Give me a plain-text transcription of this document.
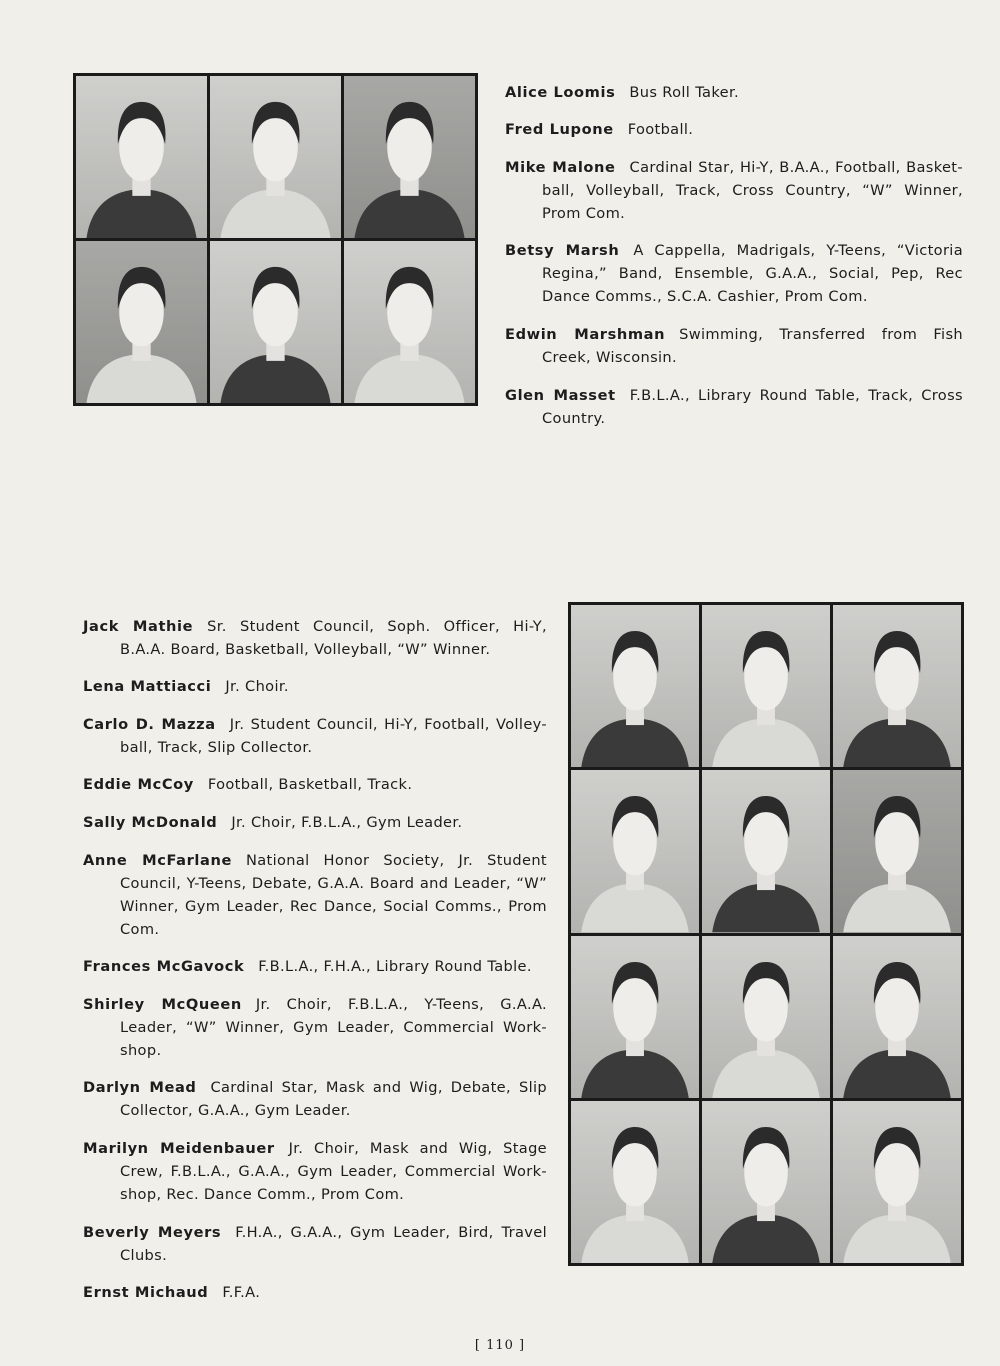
Alice Loomis Bus Roll Taker.

Fred Lupone Football.

Mike Malone Cardinal Star, Hi-Y, B.A.A., Football, Basket-ball, Volleyball, Track, Cross Country, “W” Winner, Prom Com.

Betsy Marsh A Cappella, Madrigals, Y-Teens, “Victoria Regina,” Band, Ensemble, G.A.A., Social, Pep, Rec Dance Comms., S.C.A. Cashier, Prom Com.

Edwin Marshman Swimming, Transferred from Fish Creek, Wisconsin.

Glen Masset F.B.L.A., Library Round Table, Track, Cross Country.

Jack Mathie Sr. Student Council, Soph. Officer, Hi-Y, B.A.A. Board, Basketball, Volleyball, “W” Winner.

Lena Mattiacci Jr. Choir.

Carlo D. Mazza Jr. Student Council, Hi-Y, Football, Volley-ball, Track, Slip Collector.

Eddie McCoy Football, Basketball, Track.

Sally McDonald Jr. Choir, F.B.L.A., Gym Leader.

Anne McFarlane National Honor Society, Jr. Student Council, Y-Teens, Debate, G.A.A. Board and Leader, “W” Winner, Gym Leader, Rec Dance, Social Comms., Prom Com.

Frances McGavock F.B.L.A., F.H.A., Library Round Table.

Shirley McQueen Jr. Choir, F.B.L.A., Y-Teens, G.A.A. Leader, “W” Winner, Gym Leader, Commercial Work-shop.

Darlyn Mead Cardinal Star, Mask and Wig, Debate, Slip Collector, G.A.A., Gym Leader.

Marilyn Meidenbauer Jr. Choir, Mask and Wig, Stage Crew, F.B.L.A., G.A.A., Gym Leader, Commercial Work-shop, Rec. Dance Comm., Prom Com.

Beverly Meyers F.H.A., G.A.A., Gym Leader, Bird, Travel Clubs.

Ernst Michaud F.F.A.

[ 110 ]
